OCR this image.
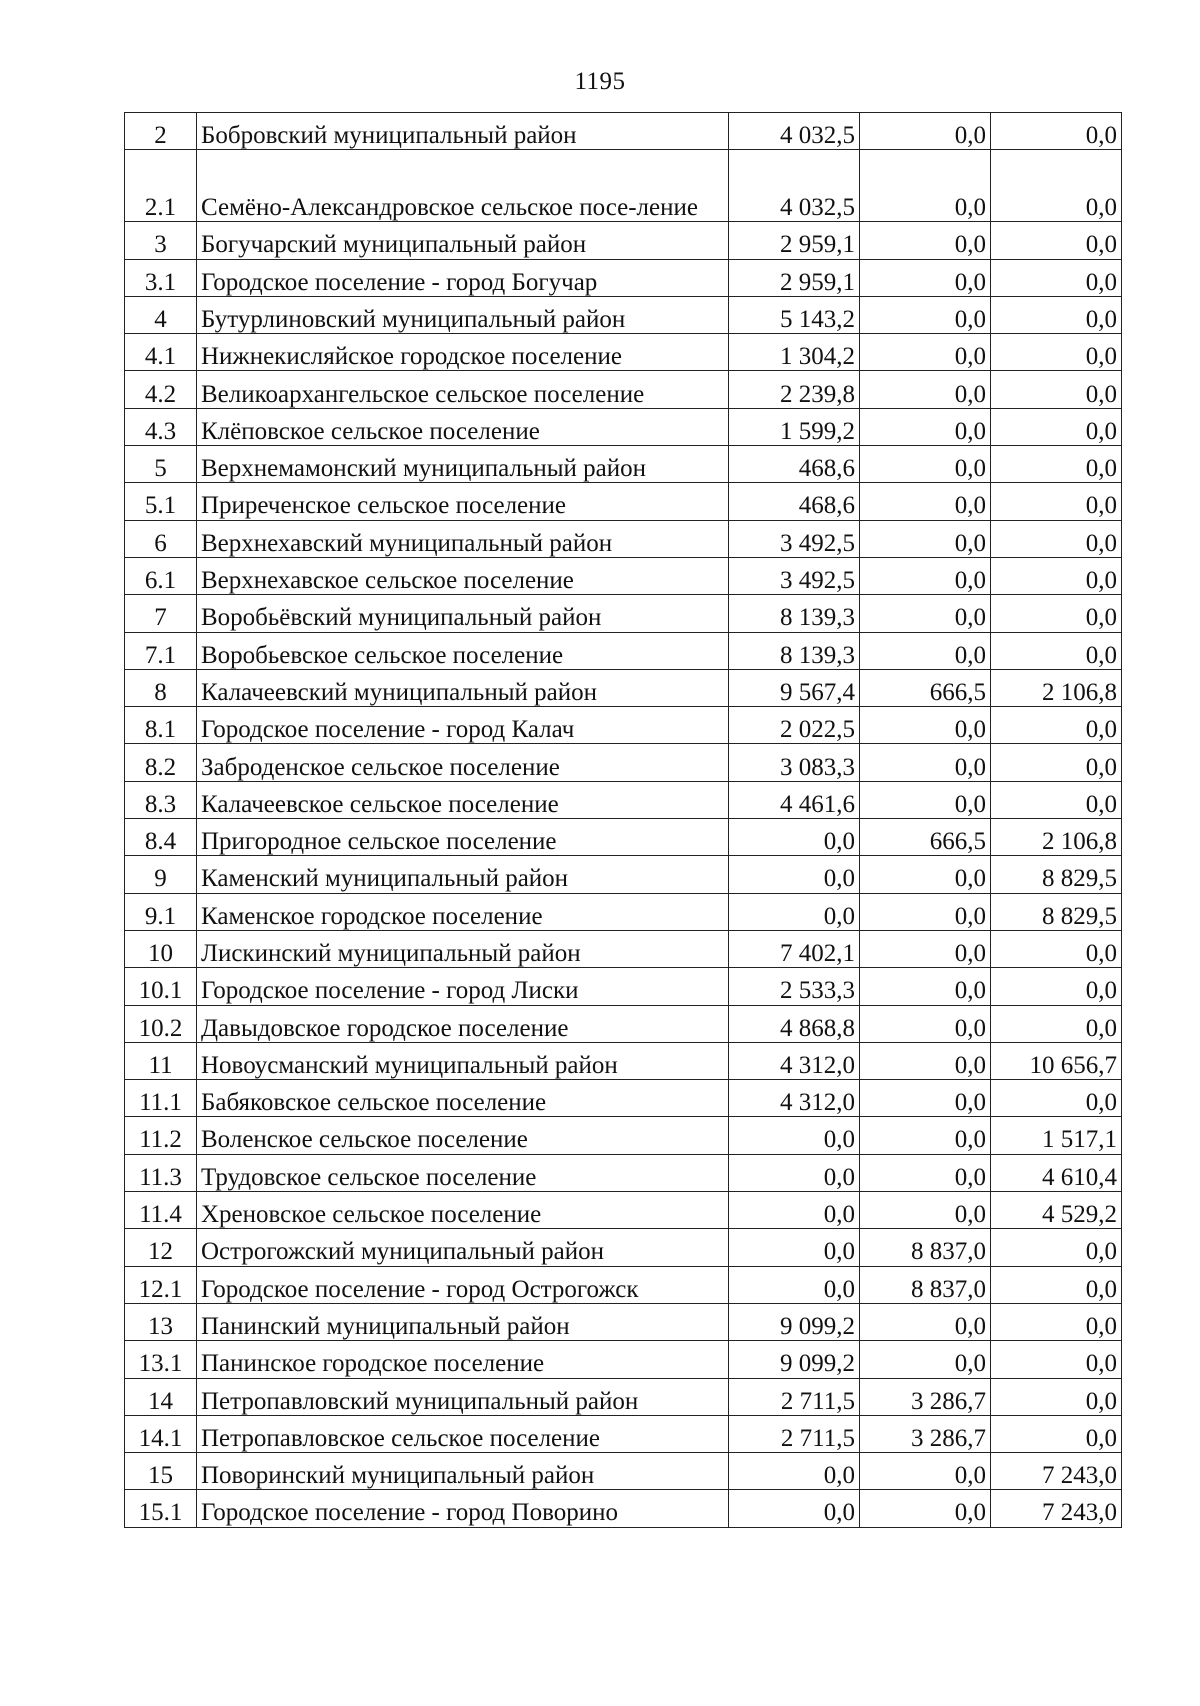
1195
2	Бобровский муниципальный район	4 032,5	0,0	0,0
2.1	Семёно-Александровское сельское посе-ление	4 032,5	0,0	0,0
3	Богучарский муниципальный район	2 959,1	0,0	0,0
3.1	Городское поселение - город Богучар	2 959,1	0,0	0,0
4	Бутурлиновский муниципальный район	5 143,2	0,0	0,0
4.1	Нижнекисляйское городское поселение	1 304,2	0,0	0,0
4.2	Великоархангельское сельское поселение	2 239,8	0,0	0,0
4.3	Клёповское сельское поселение	1 599,2	0,0	0,0
5	Верхнемамонский муниципальный район	468,6	0,0	0,0
5.1	Приреченское сельское поселение	468,6	0,0	0,0
6	Верхнехавский муниципальный район	3 492,5	0,0	0,0
6.1	Верхнехавское сельское поселение	3 492,5	0,0	0,0
7	Воробьёвский муниципальный район	8 139,3	0,0	0,0
7.1	Воробьевское сельское поселение	8 139,3	0,0	0,0
8	Калачеевский муниципальный район	9 567,4	666,5	2 106,8
8.1	Городское поселение - город Калач	2 022,5	0,0	0,0
8.2	Заброденское сельское поселение	3 083,3	0,0	0,0
8.3	Калачеевское сельское поселение	4 461,6	0,0	0,0
8.4	Пригородное сельское поселение	0,0	666,5	2 106,8
9	Каменский муниципальный район	0,0	0,0	8 829,5
9.1	Каменское городское поселение	0,0	0,0	8 829,5
10	Лискинский муниципальный район	7 402,1	0,0	0,0
10.1	Городское поселение - город Лиски	2 533,3	0,0	0,0
10.2	Давыдовское городское поселение	4 868,8	0,0	0,0
11	Новоусманский муниципальный район	4 312,0	0,0	10 656,7
11.1	Бабяковское сельское поселение	4 312,0	0,0	0,0
11.2	Воленское сельское поселение	0,0	0,0	1 517,1
11.3	Трудовское сельское поселение	0,0	0,0	4 610,4
11.4	Хреновское сельское поселение	0,0	0,0	4 529,2
12	Острогожский муниципальный район	0,0	8 837,0	0,0
12.1	Городское поселение - город Острогожск	0,0	8 837,0	0,0
13	Панинский муниципальный район	9 099,2	0,0	0,0
13.1	Панинское городское поселение	9 099,2	0,0	0,0
14	Петропавловский муниципальный район	2 711,5	3 286,7	0,0
14.1	Петропавловское сельское поселение	2 711,5	3 286,7	0,0
15	Поворинский муниципальный район	0,0	0,0	7 243,0
15.1	Городское поселение - город Поворино	0,0	0,0	7 243,0
